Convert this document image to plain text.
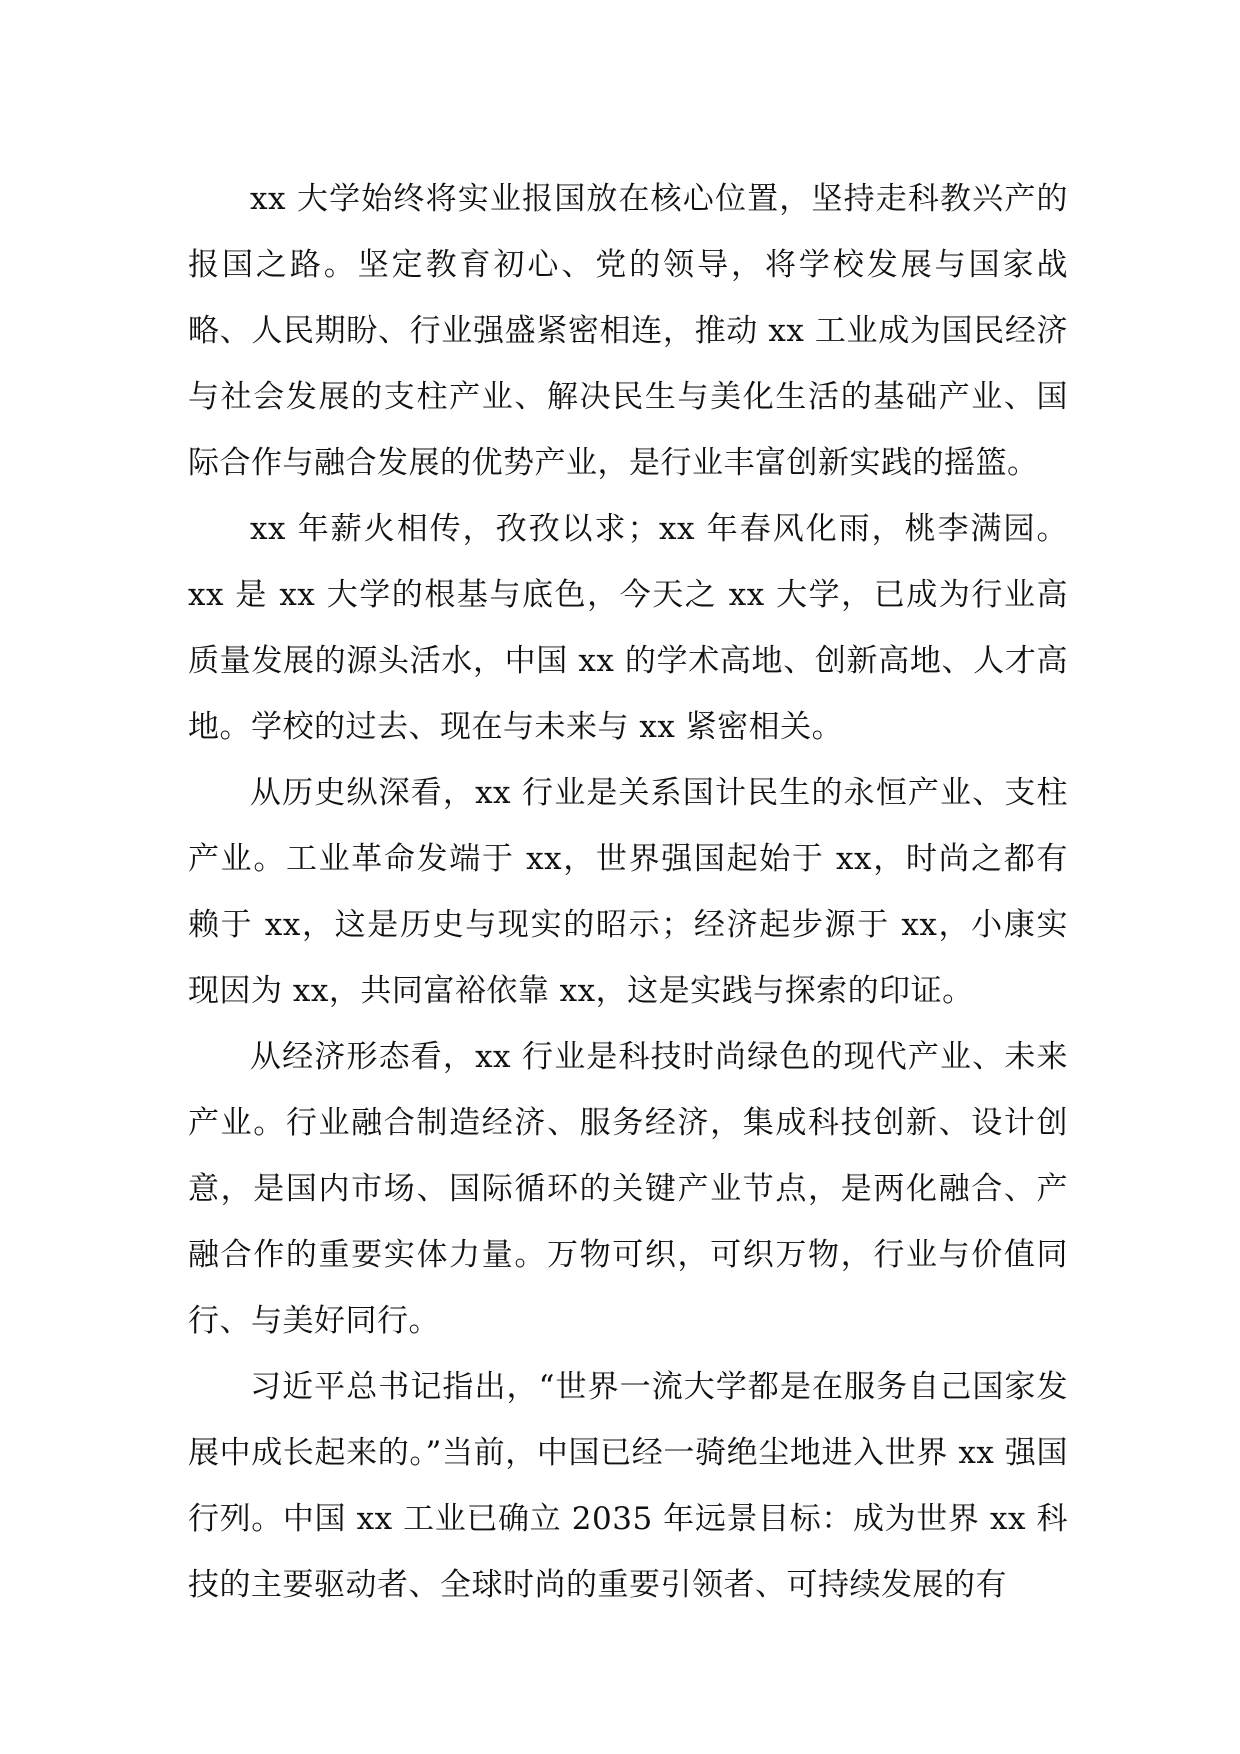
xx 大学始终将实业报国放在核心位置，坚持走科教兴产的报国之路。坚定教育初心、党的领导，将学校发展与国家战略、人民期盼、行业强盛紧密相连，推动 xx 工业成为国民经济与社会发展的支柱产业、解决民生与美化生活的基础产业、国际合作与融合发展的优势产业，是行业丰富创新实践的摇篮。

xx 年薪火相传，孜孜以求；xx 年春风化雨，桃李满园。xx 是 xx 大学的根基与底色，今天之 xx 大学，已成为行业高质量发展的源头活水，中国 xx 的学术高地、创新高地、人才高地。学校的过去、现在与未来与 xx 紧密相关。

从历史纵深看，xx 行业是关系国计民生的永恒产业、支柱产业。工业革命发端于 xx，世界强国起始于 xx，时尚之都有赖于 xx，这是历史与现实的昭示；经济起步源于 xx，小康实现因为 xx，共同富裕依靠 xx，这是实践与探索的印证。

从经济形态看，xx 行业是科技时尚绿色的现代产业、未来产业。行业融合制造经济、服务经济，集成科技创新、设计创意，是国内市场、国际循环的关键产业节点，是两化融合、产融合作的重要实体力量。万物可织，可织万物，行业与价值同行、与美好同行。

习近平总书记指出，“世界一流大学都是在服务自己国家发展中成长起来的。”当前，中国已经一骑绝尘地进入世界 xx 强国行列。中国 xx 工业已确立 2035 年远景目标：成为世界 xx 科技的主要驱动者、全球时尚的重要引领者、可持续发展的有
